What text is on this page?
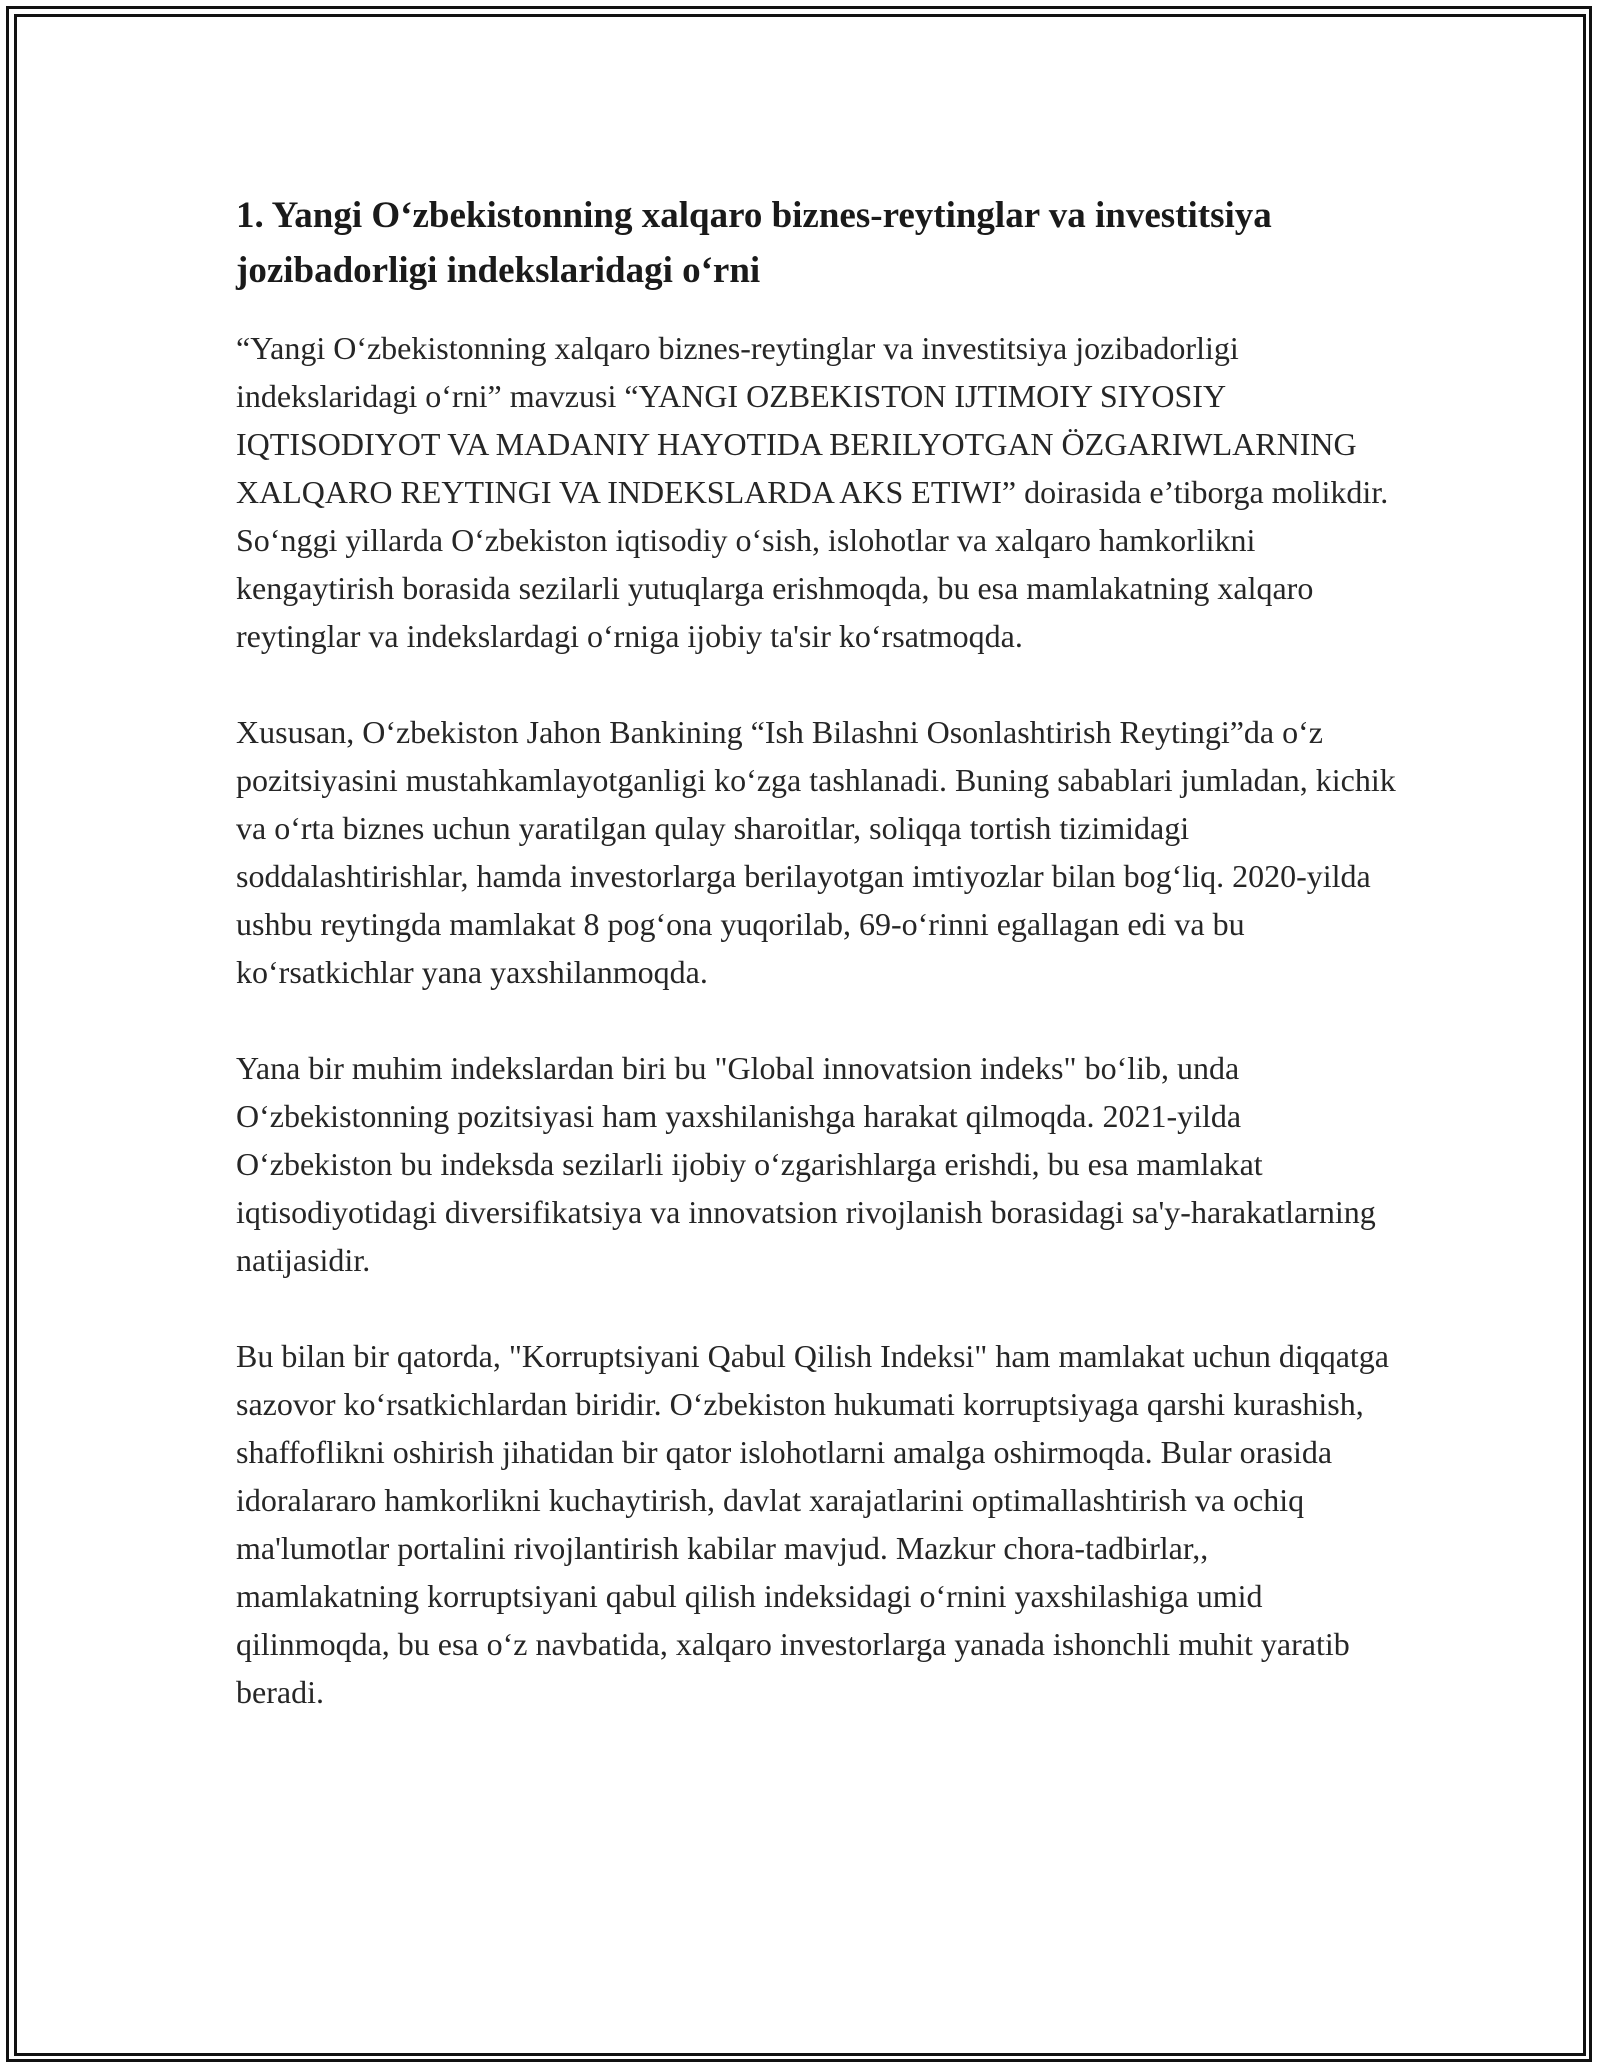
1. Yangi O‘zbekistonning xalqaro biznes-reytinglar va investitsiya jozibadorligi indekslaridagi o‘rni

“Yangi O‘zbekistonning xalqaro biznes-reytinglar va investitsiya jozibadorligi indekslaridagi o‘rni” mavzusi “YANGI OZBEKISTON IJTIMOIY SIYOSIY IQTISODIYOT VA MADANIY HAYOTIDA BERILYOTGAN ÖZGARIWLARNING XALQARO REYTINGI VA INDEKSLARDA AKS ETIWI” doirasida e’tiborga molikdir. So‘nggi yillarda O‘zbekiston iqtisodiy o‘sish, islohotlar va xalqaro hamkorlikni kengaytirish borasida sezilarli yutuqlarga erishmoqda, bu esa mamlakatning xalqaro reytinglar va indekslardagi o‘rniga ijobiy ta'sir ko‘rsatmoqda.

Xususan, O‘zbekiston Jahon Bankining “Ish Bilashni Osonlashtirish Reytingi”da o‘z pozitsiyasini mustahkamlayotganligi ko‘zga tashlanadi. Buning sabablari jumladan, kichik va o‘rta biznes uchun yaratilgan qulay sharoitlar, soliqqa tortish tizimidagi soddalashtirishlar, hamda investorlarga berilayotgan imtiyozlar bilan bog‘liq. 2020-yilda ushbu reytingda mamlakat 8 pog‘ona yuqorilab, 69-o‘rinni egallagan edi va bu ko‘rsatkichlar yana yaxshilanmoqda.

Yana bir muhim indekslardan biri bu "Global innovatsion indeks" bo‘lib, unda O‘zbekistonning pozitsiyasi ham yaxshilanishga harakat qilmoqda. 2021-yilda O‘zbekiston bu indeksda sezilarli ijobiy o‘zgarishlarga erishdi, bu esa mamlakat iqtisodiyotidagi diversifikatsiya va innovatsion rivojlanish borasidagi sa'y-harakatlarning natijasidir.

Bu bilan bir qatorda, "Korruptsiyani Qabul Qilish Indeksi" ham mamlakat uchun diqqatga sazovor ko‘rsatkichlardan biridir. O‘zbekiston hukumati korruptsiyaga qarshi kurashish, shaffoflikni oshirish jihatidan bir qator islohotlarni amalga oshirmoqda. Bular orasida idoralararo hamkorlikni kuchaytirish, davlat xarajatlarini optimallashtirish va ochiq ma'lumotlar portalini rivojlantirish kabilar mavjud. Mazkur chora-tadbirlar,, mamlakatning korruptsiyani qabul qilish indeksidagi o‘rnini yaxshilashiga umid qilinmoqda, bu esa o‘z navbatida, xalqaro investorlarga yanada ishonchli muhit yaratib beradi.
